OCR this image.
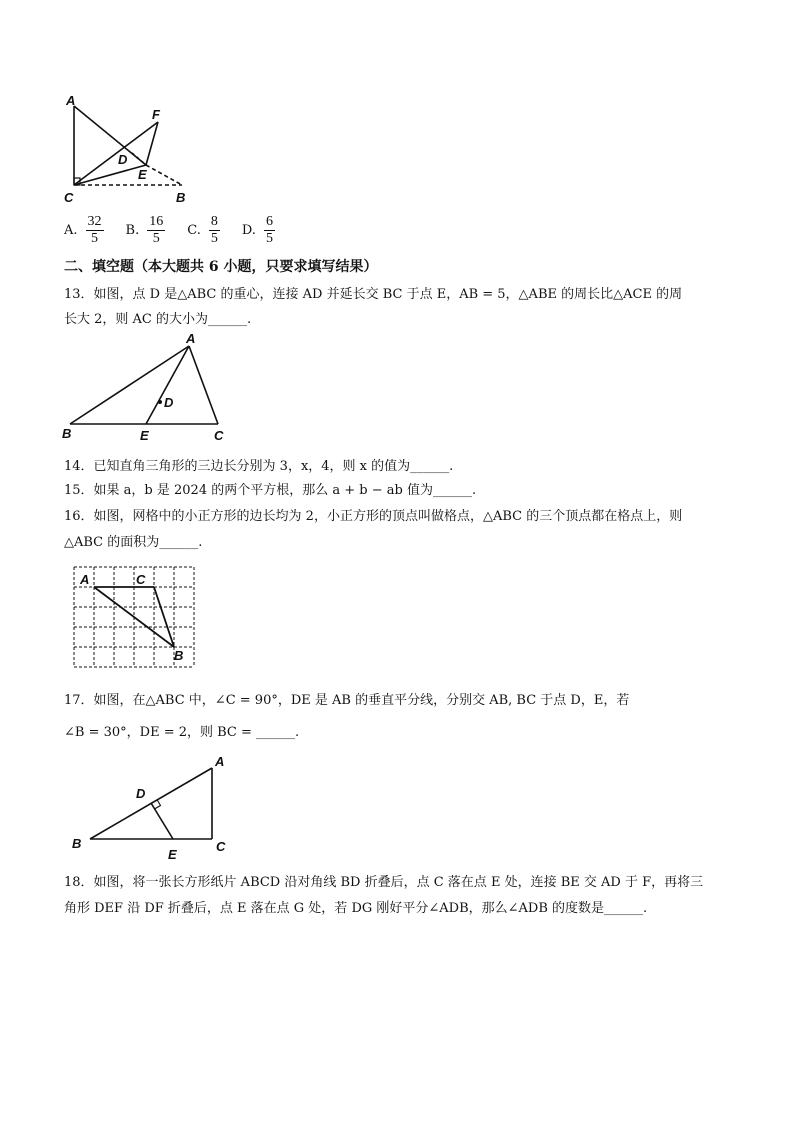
A
F
D
E
C	B
A. $\frac{32}{5} B$. $\frac{16}{5} C$. $\frac{8}{5} D$. $\frac{6}{5}$
二、填空题（本大题共 6 小题，只要求填写结果）
13．如图，点 D 是△ABC 的重心，连接 AD 并延长交 BC 于点 E，AB = 5，△ABE 的周长比△ACE 的周
长大 2，则 AC 的大小为______.
A
D
B	E	C
14．已知直角三角形的三边长分别为 3，x，4，则 x 的值为______.
15．如果 a，b 是 2024 的两个平方根，那么 a + b − ab 值为______.
16．如图，网格中的小正方形的边长均为 2，小正方形的顶点叫做格点，△ABC 的三个顶点都在格点上，则
△ABC 的面积为______.
A	C
B
17．如图，在△ABC 中，∠C = 90°，DE 是 AB 的垂直平分线，分别交 AB, BC 于点 D，E，若
∠B = 30°，DE = 2，则 BC = ______.
A
D
B
E
C
18．如图，将一张长方形纸片 ABCD 沿对角线 BD 折叠后，点 C 落在点 E 处，连接 BE 交 AD 于 F，再将三
角形 DEF 沿 DF 折叠后，点 E 落在点 G 处，若 DG 刚好平分∠ADB，那么∠ADB 的度数是______.
